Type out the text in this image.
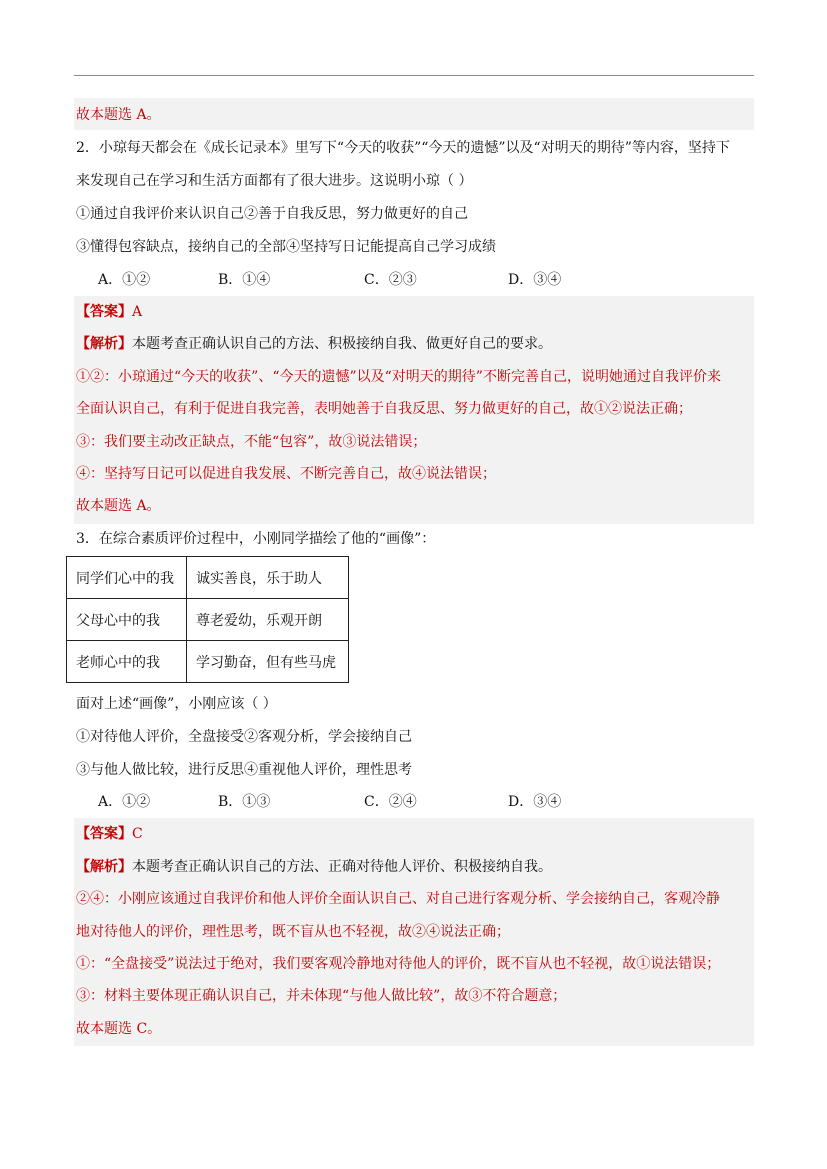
故本题选 A。
2．小琼每天都会在《成长记录本》里写下“今天的收获”“今天的遗憾”以及“对明天的期待”等内容，坚持下
来发现自己在学习和生活方面都有了很大进步。这说明小琼（ ）
①通过自我评价来认识自己②善于自我反思，努力做更好的自己
③懂得包容缺点，接纳自己的全部④坚持写日记能提高自己学习成绩
A．①②	B．①④	C．②③	D．③④
【答案】A
【解析】本题考查正确认识自己的方法、积极接纳自我、做更好自己的要求。
①②：小琼通过“今天的收获”、“今天的遗憾”以及“对明天的期待”不断完善自己，说明她通过自我评价来
全面认识自己，有利于促进自我完善，表明她善于自我反思、努力做更好的自己，故①②说法正确；
③：我们要主动改正缺点，不能“包容”，故③说法错误；
④：坚持写日记可以促进自我发展、不断完善自己，故④说法错误；
故本题选 A。
3．在综合素质评价过程中，小刚同学描绘了他的“画像”：
同学们心中的我	诚实善良，乐于助人
父母心中的我	尊老爱幼，乐观开朗
老师心中的我	学习勤奋，但有些马虎
面对上述“画像”，小刚应该（ ）
①对待他人评价，全盘接受②客观分析，学会接纳自己
③与他人做比较，进行反思④重视他人评价，理性思考
A．①②	B．①③	C．②④	D．③④
【答案】C
【解析】本题考查正确认识自己的方法、正确对待他人评价、积极接纳自我。
②④：小刚应该通过自我评价和他人评价全面认识自己、对自己进行客观分析、学会接纳自己，客观冷静
地对待他人的评价，理性思考，既不盲从也不轻视，故②④说法正确；
①：“全盘接受”说法过于绝对，我们要客观冷静地对待他人的评价，既不盲从也不轻视，故①说法错误；
③：材料主要体现正确认识自己，并未体现“与他人做比较”，故③不符合题意；
故本题选 C。
